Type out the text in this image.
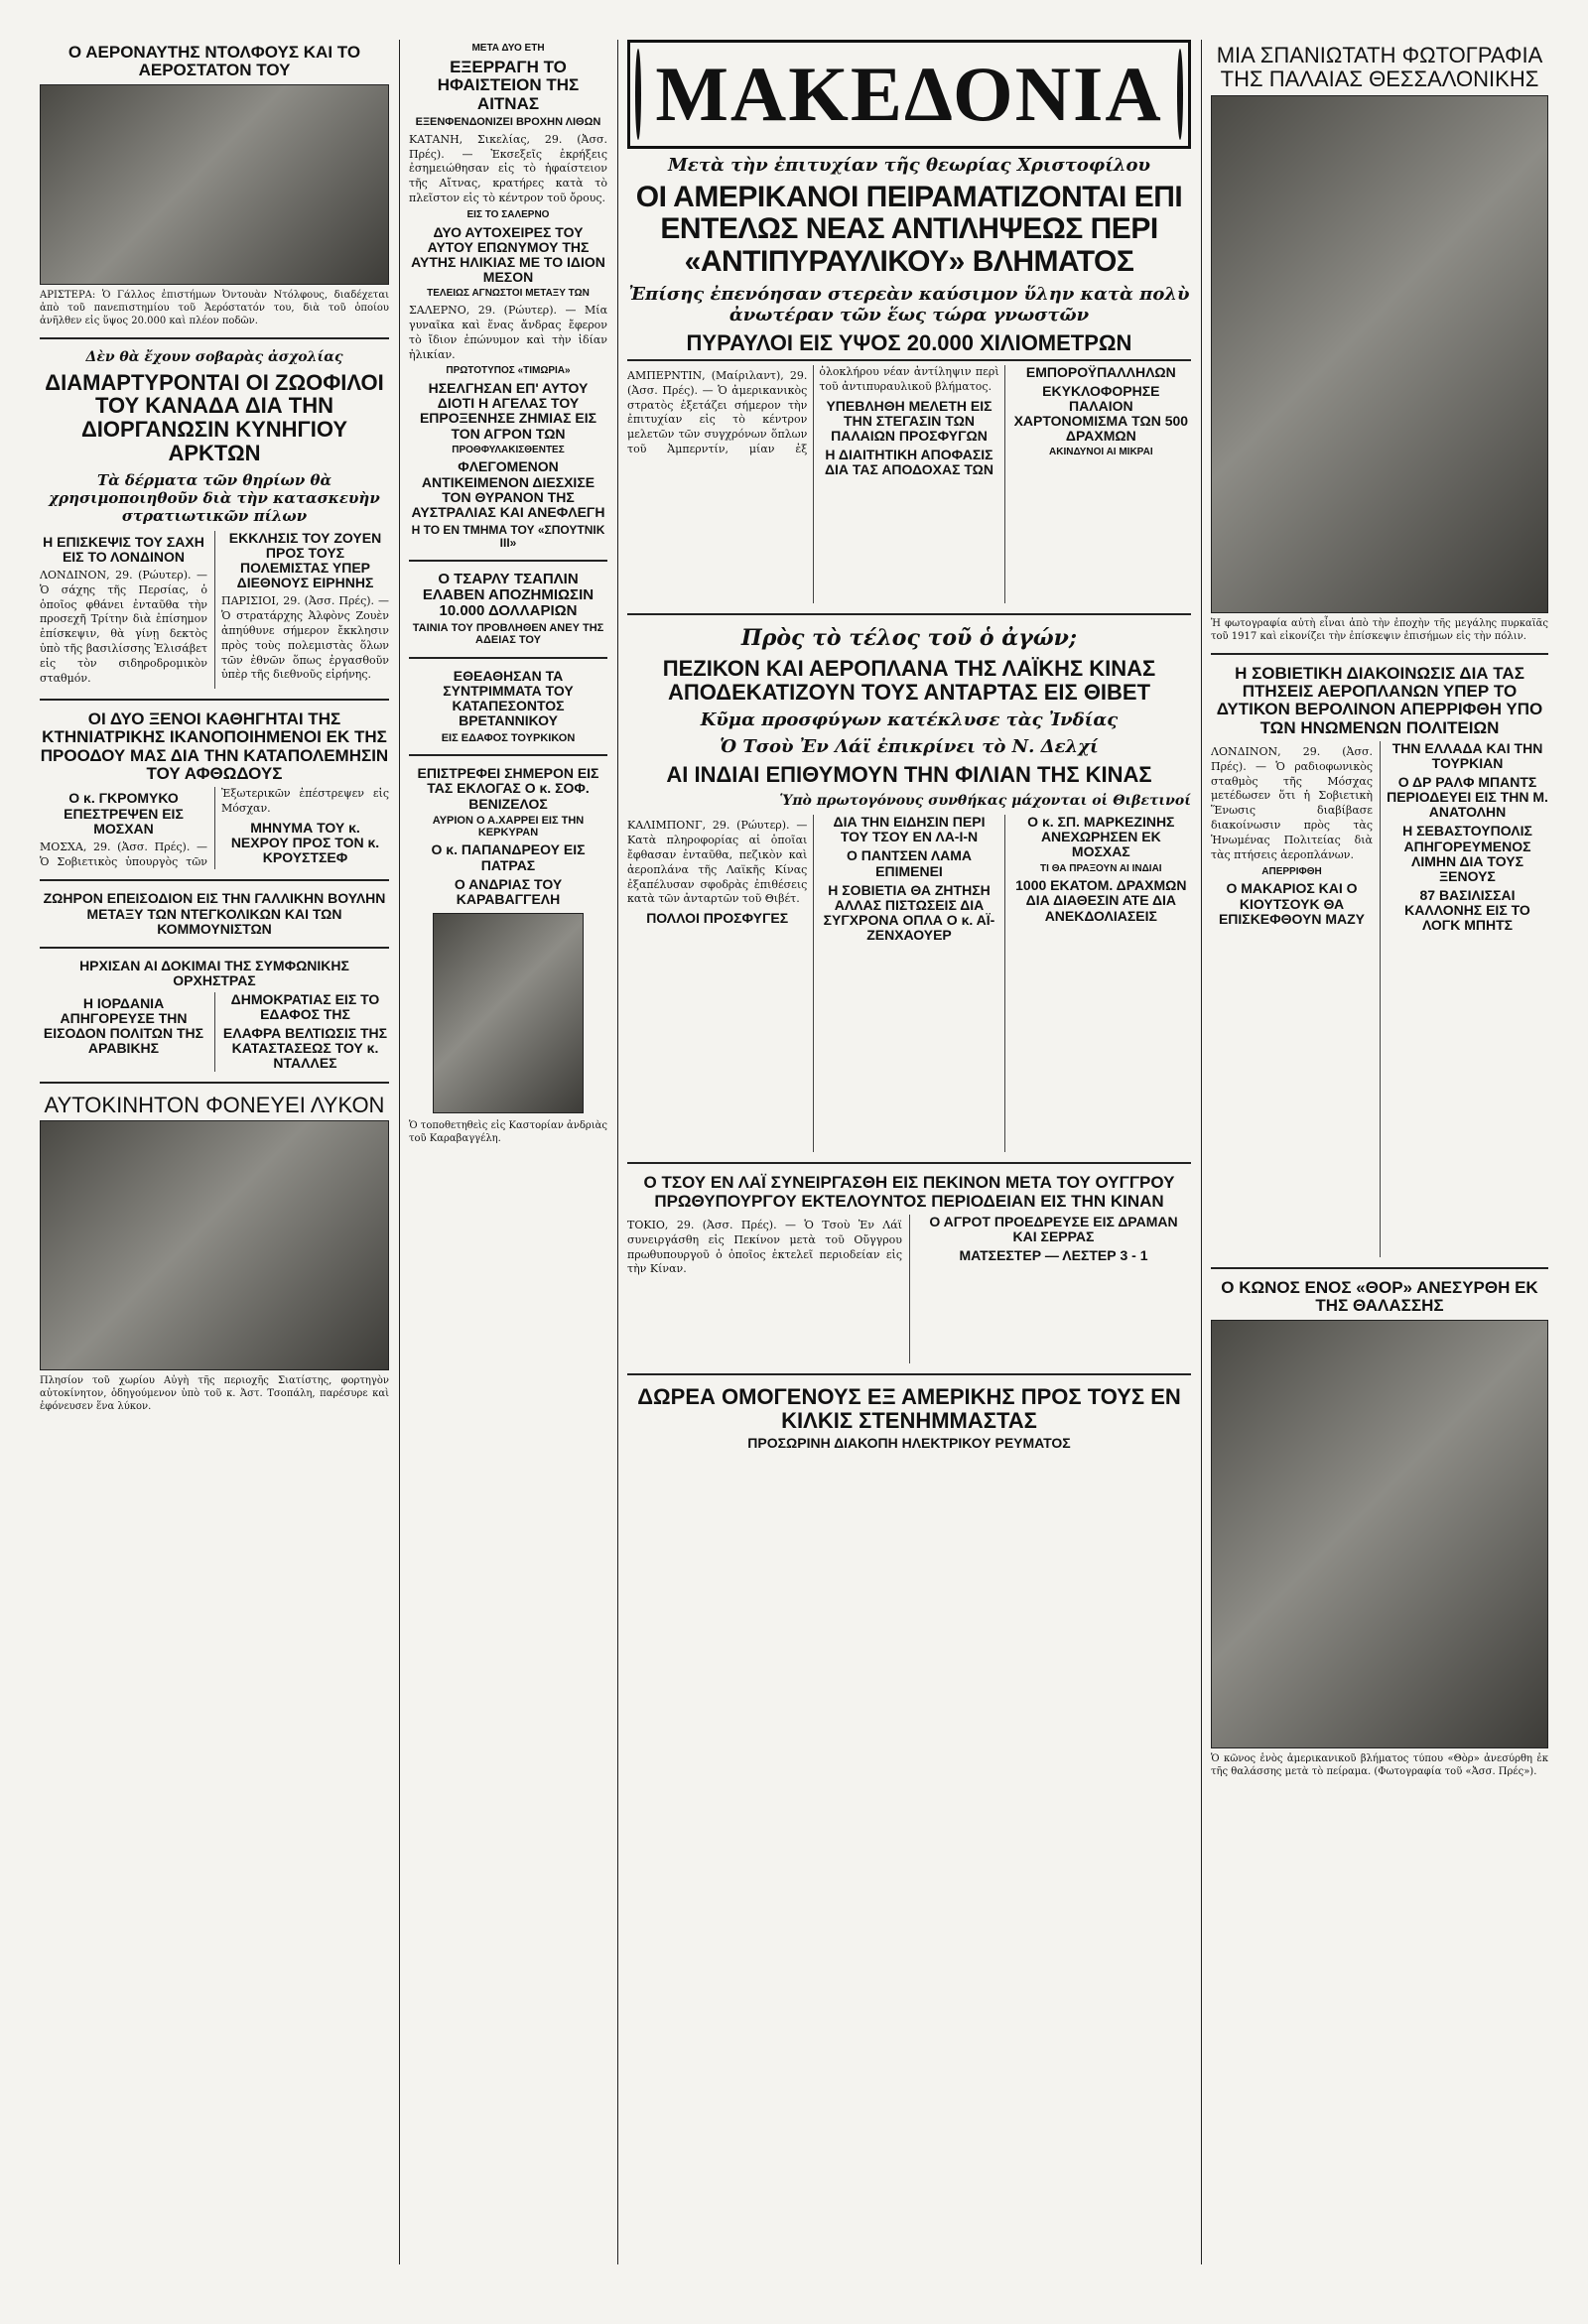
Ο ΑΕΡΟΝΑΥΤΗΣ ΝΤΟΛΦΟΥΣ ΚΑΙ ΤΟ ΑΕΡΟΣΤΑΤΟΝ ΤΟΥ
ΑΡΙΣΤΕΡΑ: Ὁ Γάλλος ἐπιστήμων Ὀντουὰν Ντόλφους, διαδέχεται ἀπὸ τοῦ πανεπιστημίου τοῦ Ἀερόστατόν του, διὰ τοῦ ὁποίου ἀνῆλθεν εἰς ὕψος 20.000 καὶ πλέον ποδῶν.
Δὲν θὰ ἔχουν σοβαρὰς ἀσχολίας
ΔΙΑΜΑΡΤΥΡΟΝΤΑΙ ΟΙ ΖΩΟΦΙΛΟΙ ΤΟΥ ΚΑΝΑΔΑ ΔΙΑ ΤΗΝ ΔΙΟΡΓΑΝΩΣΙΝ ΚΥΝΗΓΙΟΥ ΑΡΚΤΩΝ
Τὰ δέρματα τῶν θηρίων θὰ χρησιμοποιηθοῦν διὰ τὴν κατασκευὴν στρατιωτικῶν πίλων
Η ΕΠΙΣΚΕΨΙΣ ΤΟΥ ΣΑΧΗ ΕΙΣ ΤΟ ΛΟΝΔΙΝΟΝ
ΛΟΝΔΙΝΟΝ, 29. (Ρώυτερ). — Ὁ σάχης τῆς Περσίας, ὁ ὁποῖος φθάνει ἐνταῦθα τὴν προσεχῆ Τρίτην διὰ ἐπίσημον ἐπίσκεψιν, θὰ γίνῃ δεκτὸς ὑπὸ τῆς βασιλίσσης Ἐλισάβετ εἰς τὸν σιδηροδρομικὸν σταθμόν.
ΕΚΚΛΗΣΙΣ ΤΟΥ ΖΟΥΕΝ ΠΡΟΣ ΤΟΥΣ ΠΟΛΕΜΙΣΤΑΣ ΥΠΕΡ ΔΙΕΘΝΟΥΣ ΕΙΡΗΝΗΣ
ΠΑΡΙΣΙΟΙ, 29. (Ἀσσ. Πρές). — Ὁ στρατάρχης Ἀλφὸνς Ζουὲν ἀπηύθυνε σήμερον ἔκκλησιν πρὸς τοὺς πολεμιστὰς ὅλων τῶν ἐθνῶν ὅπως ἐργασθοῦν ὑπὲρ τῆς διεθνοῦς εἰρήνης.
ΟΙ ΔΥΟ ΞΕΝΟΙ ΚΑΘΗΓΗΤΑΙ ΤΗΣ ΚΤΗΝΙΑΤΡΙΚΗΣ ΙΚΑΝΟΠΟΙΗΜΕΝΟΙ ΕΚ ΤΗΣ ΠΡΟΟΔΟΥ ΜΑΣ ΔΙΑ ΤΗΝ ΚΑΤΑΠΟΛΕΜΗΣΙΝ ΤΟΥ ΑΦΘΩΔΟΥΣ
Ο κ. ΓΚΡΟΜΥΚΟ ΕΠΕΣΤΡΕΨΕΝ ΕΙΣ ΜΟΣΧΑΝ
ΜΟΣΧΑ, 29. (Ἀσσ. Πρές). — Ὁ Σοβιετικὸς ὑπουργὸς τῶν Ἐξωτερικῶν ἐπέστρεψεν εἰς Μόσχαν.
ΜΗΝΥΜΑ ΤΟΥ κ. ΝΕΧΡΟΥ ΠΡΟΣ ΤΟΝ κ. ΚΡΟΥΣΤΣΕΦ
ΖΩΗΡΟΝ ΕΠΕΙΣΟΔΙΟΝ ΕΙΣ ΤΗΝ ΓΑΛΛΙΚΗΝ ΒΟΥΛΗΝ ΜΕΤΑΞΥ ΤΩΝ ΝΤΕΓΚΟΛΙΚΩΝ ΚΑΙ ΤΩΝ ΚΟΜΜΟΥΝΙΣΤΩΝ
ΗΡΧΙΣΑΝ ΑΙ ΔΟΚΙΜΑΙ ΤΗΣ ΣΥΜΦΩΝΙΚΗΣ ΟΡΧΗΣΤΡΑΣ
Η ΙΟΡΔΑΝΙΑ ΑΠΗΓΟΡΕΥΣΕ ΤΗΝ ΕΙΣΟΔΟΝ ΠΟΛΙΤΩΝ ΤΗΣ ΑΡΑΒΙΚΗΣ ΔΗΜΟΚΡΑΤΙΑΣ ΕΙΣ ΤΟ ΕΔΑΦΟΣ ΤΗΣ
ΕΛΑΦΡΑ ΒΕΛΤΙΩΣΙΣ ΤΗΣ ΚΑΤΑΣΤΑΣΕΩΣ ΤΟΥ κ. ΝΤΑΛΛΕΣ
ΑΥΤΟΚΙΝΗΤΟΝ ΦΟΝΕΥΕΙ ΛΥΚΟΝ
Πλησίον τοῦ χωρίου Αὐγὴ τῆς περιοχῆς Σιατίστης, φορτηγὸν αὐτοκίνητον, ὁδηγούμενον ὑπὸ τοῦ κ. Ἀστ. Τσοπάλη, παρέσυρε καὶ ἐφόνευσεν ἕνα λύκον.
ΜΕΤΑ ΔΥΟ ΕΤΗ
ΕΞΕΡΡΑΓΗ ΤΟ ΗΦΑΙΣΤΕΙΟΝ ΤΗΣ ΑΙΤΝΑΣ
ΕΞΕΝΦΕΝΔΟΝΙΖΕΙ ΒΡΟΧΗΝ ΛΙΘΩΝ
ΚΑΤΑΝΗ, Σικελίας, 29. (Ἀσσ. Πρές). — Ἐκσεξεῖς ἐκρήξεις ἐσημειώθησαν εἰς τὸ ἡφαίστειον τῆς Αἴτνας, κρατήρες κατὰ τὸ πλεῖστον εἰς τὸ κέντρον τοῦ ὄρους.
ΕΙΣ ΤΟ ΣΑΛΕΡΝΟ
ΔΥΟ ΑΥΤΟΧΕΙΡΕΣ ΤΟΥ ΑΥΤΟΥ ΕΠΩΝΥΜΟΥ ΤΗΣ ΑΥΤΗΣ ΗΛΙΚΙΑΣ ΜΕ ΤΟ ΙΔΙΟΝ ΜΕΣΟΝ
ΤΕΛΕΙΩΣ ΑΓΝΩΣΤΟΙ ΜΕΤΑΞΥ ΤΩΝ
ΣΑΛΕΡΝΟ, 29. (Ρώυτερ). — Μία γυναῖκα καὶ ἕνας ἄνδρας ἔφερον τὸ ἴδιον ἐπώνυμον καὶ τὴν ἰδίαν ἡλικίαν.
ΠΡΩΤΟΤΥΠΟΣ «ΤΙΜΩΡΙΑ»
ΗΣΕΛΓΗΣΑΝ ΕΠ' ΑΥΤΟΥ ΔΙΟΤΙ Η ΑΓΕΛΑΣ ΤΟΥ ΕΠΡΟΞΕΝΗΣΕ ΖΗΜΙΑΣ ΕΙΣ ΤΟΝ ΑΓΡΟΝ ΤΩΝ
ΠΡΟΘΦΥΛΑΚΙΣΘΕΝΤΕΣ
ΦΛΕΓΟΜΕΝΟΝ ΑΝΤΙΚΕΙΜΕΝΟΝ ΔΙΕΣΧΙΣΕ ΤΟΝ ΘΥΡΑΝΟΝ ΤΗΣ ΑΥΣΤΡΑΛΙΑΣ ΚΑΙ ΑΝΕΦΛΕΓΗ
Η ΤΟ ΕΝ ΤΜΗΜΑ ΤΟΥ «ΣΠΟΥΤΝΙΚ ΙΙΙ»
Ο ΤΣΑΡΛΥ ΤΣΑΠΛΙΝ ΕΛΑΒΕΝ ΑΠΟΖΗΜΙΩΣΙΝ 10.000 ΔΟΛΛΑΡΙΩΝ
ΤΑΙΝΙΑ ΤΟΥ ΠΡΟΒΛΗΘΕΝ ΑΝΕΥ ΤΗΣ ΑΔΕΙΑΣ ΤΟΥ
ΕΘΕΑΘΗΣΑΝ ΤΑ ΣΥΝΤΡΙΜΜΑΤΑ ΤΟΥ ΚΑΤΑΠΕΣΟΝΤΟΣ ΒΡΕΤΑΝΝΙΚΟΥ
ΕΙΣ ΕΔΑΦΟΣ ΤΟΥΡΚΙΚΟΝ
ΕΠΙΣΤΡΕΦΕΙ ΣΗΜΕΡΟΝ ΕΙΣ ΤΑΣ ΕΚΛΟΓΑΣ Ο κ. ΣΟΦ. ΒΕΝΙΖΕΛΟΣ
ΑΥΡΙΟΝ Ο Α.ΧΑΡΡΕΙ ΕΙΣ ΤΗΝ ΚΕΡΚΥΡΑΝ
Ο κ. ΠΑΠΑΝΔΡΕΟΥ ΕΙΣ ΠΑΤΡΑΣ
Ο ΑΝΔΡΙΑΣ ΤΟΥ ΚΑΡΑΒΑΓΓΕΛΗ
Ὁ τοποθετηθεὶς εἰς Καστορίαν ἀνδριὰς τοῦ Καραβαγγέλη.
ΜΑΚΕΔΟΝΙΑ
Μετὰ τὴν ἐπιτυχίαν τῆς θεωρίας Χριστοφίλου
ΟΙ ΑΜΕΡΙΚΑΝΟΙ ΠΕΙΡΑΜΑΤΙΖΟΝΤΑΙ ΕΠΙ ΕΝΤΕΛΩΣ ΝΕΑΣ ΑΝΤΙΛΗΨΕΩΣ ΠΕΡΙ «ΑΝΤΙΠΥΡΑΥΛΙΚΟΥ» ΒΛΗΜΑΤΟΣ
Ἐπίσης ἐπενόησαν στερεὰν καύσιμον ὕλην κατὰ πολὺ ἀνωτέραν τῶν ἕως τώρα γνωστῶν
ΠΥΡΑΥΛΟΙ ΕΙΣ ΥΨΟΣ 20.000 ΧΙΛΙΟΜΕΤΡΩΝ
ΑΜΠΕΡΝΤΙΝ, (Μαίριλαντ), 29. (Ἀσσ. Πρές). — Ὁ ἀμερικανικὸς στρατὸς ἐξετάζει σήμερον τὴν ἐπιτυχίαν εἰς τὸ κέντρον μελετῶν τῶν συγχρόνων ὅπλων τοῦ Ἀμπερντίν, μίαν ἐξ ὁλοκλήρου νέαν ἀντίληψιν περὶ τοῦ ἀντιπυραυλικοῦ βλήματος.
ΥΠΕΒΛΗΘΗ ΜΕΛΕΤΗ ΕΙΣ ΤΗΝ ΣΤΕΓΑΣΙΝ ΤΩΝ ΠΑΛΑΙΩΝ ΠΡΟΣΦΥΓΩΝ
Η ΔΙΑΙΤΗΤΙΚΗ ΑΠΟΦΑΣΙΣ ΔΙΑ ΤΑΣ ΑΠΟΔΟΧΑΣ ΤΩΝ ΕΜΠΟΡΟΫΠΑΛΛΗΛΩΝ
ΕΚΥΚΛΟΦΟΡΗΣΕ ΠΑΛΑΙΟΝ ΧΑΡΤΟΝΟΜΙΣΜΑ ΤΩΝ 500 ΔΡΑΧΜΩΝ
ΑΚΙΝΔΥΝΟΙ ΑΙ ΜΙΚΡΑΙ
Πρὸς τὸ τέλος τοῦ ὁ ἀγών;
ΠΕΖΙΚΟΝ ΚΑΙ ΑΕΡΟΠΛΑΝΑ ΤΗΣ ΛΑΪΚΗΣ ΚΙΝΑΣ ΑΠΟΔΕΚΑΤΙΖΟΥΝ ΤΟΥΣ ΑΝΤΑΡΤΑΣ ΕΙΣ ΘΙΒΕΤ
Κῦμα προσφύγων κατέκλυσε τὰς Ἰνδίας
Ὁ Τσοὺ Ἐν Λάϊ ἐπικρίνει τὸ Ν. Δελχί
ΑΙ ΙΝΔΙΑΙ ΕΠΙΘΥΜΟΥΝ ΤΗΝ ΦΙΛΙΑΝ ΤΗΣ ΚΙΝΑΣ
Ὑπὸ πρωτογόνους συνθήκας μάχονται οἱ Θιβετινοί
ΚΑΛΙΜΠΟΝΓ, 29. (Ρώυτερ). — Κατὰ πληροφορίας αἱ ὁποῖαι ἔφθασαν ἐνταῦθα, πεζικὸν καὶ ἀεροπλάνα τῆς Λαϊκῆς Κίνας ἐξαπέλυσαν σφοδρὰς ἐπιθέσεις κατὰ τῶν ἀνταρτῶν τοῦ Θιβέτ.
ΠΟΛΛΟΙ ΠΡΟΣΦΥΓΕΣ
ΔΙΑ ΤΗΝ ΕΙΔΗΣΙΝ ΠΕΡΙ ΤΟΥ ΤΣΟΥ ΕΝ ΛΑ-Ι-Ν
Ο ΠΑΝΤΣΕΝ ΛΑΜΑ ΕΠΙΜΕΝΕΙ
Η ΣΟΒΙΕΤΙΑ ΘΑ ΖΗΤΗΣΗ ΑΛΛΑΣ ΠΙΣΤΩΣΕΙΣ ΔΙΑ ΣΥΓΧΡΟΝΑ ΟΠΛΑ Ο κ. ΑΪ-ΖΕΝΧΑΟΥΕΡ
Ο κ. ΣΠ. ΜΑΡΚΕΖΙΝΗΣ ΑΝΕΧΩΡΗΣΕΝ ΕΚ ΜΟΣΧΑΣ
ΤΙ ΘΑ ΠΡΑΞΟΥΝ ΑΙ ΙΝΔΙΑΙ
1000 ΕΚΑΤΟΜ. ΔΡΑΧΜΩΝ ΔΙΑ ΔΙΑΘΕΣΙΝ ΑΤΕ ΔΙΑ ΑΝΕΚΔΟΛΙΑΣΕΙΣ
Ο ΤΣΟΥ ΕΝ ΛΑΪ ΣΥΝΕΙΡΓΑΣΘΗ ΕΙΣ ΠΕΚΙΝΟΝ ΜΕΤΑ ΤΟΥ ΟΥΓΓΡΟΥ ΠΡΩΘΥΠΟΥΡΓΟΥ ΕΚΤΕΛΟΥΝΤΟΣ ΠΕΡΙΟΔΕΙΑΝ ΕΙΣ ΤΗΝ ΚΙΝΑΝ
ΤΟΚΙΟ, 29. (Ἀσσ. Πρές). — Ὁ Τσοὺ Ἐν Λάϊ συνειργάσθη εἰς Πεκίνον μετὰ τοῦ Οὔγγρου πρωθυπουργοῦ ὁ ὁποῖος ἐκτελεῖ περιοδείαν εἰς τὴν Κίναν.
Ο ΑΓΡΟΤ ΠΡΟΕΔΡΕΥΣΕ ΕΙΣ ΔΡΑΜΑΝ ΚΑΙ ΣΕΡΡΑΣ
ΜΑΤΣΕΣΤΕΡ — ΛΕΣΤΕΡ 3 - 1
ΔΩΡΕΑ ΟΜΟΓΕΝΟΥΣ ΕΞ ΑΜΕΡΙΚΗΣ ΠΡΟΣ ΤΟΥΣ ΕΝ ΚΙΛΚΙΣ ΣΤΕΝΗΜΜΑΣΤΑΣ
ΠΡΟΣΩΡΙΝΗ ΔΙΑΚΟΠΗ ΗΛΕΚΤΡΙΚΟΥ ΡΕΥΜΑΤΟΣ
ΜΙΑ ΣΠΑΝΙΩΤΑΤΗ ΦΩΤΟΓΡΑΦΙΑ ΤΗΣ ΠΑΛΑΙΑΣ ΘΕΣΣΑΛΟΝΙΚΗΣ
Ἡ φωτογραφία αὐτὴ εἶναι ἀπὸ τὴν ἐποχὴν τῆς μεγάλης πυρκαϊᾶς τοῦ 1917 καὶ εἰκονίζει τὴν ἐπίσκεψιν ἐπισήμων εἰς τὴν πόλιν.
Η ΣΟΒΙΕΤΙΚΗ ΔΙΑΚΟΙΝΩΣΙΣ ΔΙΑ ΤΑΣ ΠΤΗΣΕΙΣ ΑΕΡΟΠΛΑΝΩΝ ΥΠΕΡ ΤΟ ΔΥΤΙΚΟΝ ΒΕΡΟΛΙΝΟΝ ΑΠΕΡΡΙΦΘΗ ΥΠΟ ΤΩΝ ΗΝΩΜΕΝΩΝ ΠΟΛΙΤΕΙΩΝ
ΛΟΝΔΙΝΟΝ, 29. (Ἀσσ. Πρές). — Ὁ ραδιοφωνικὸς σταθμὸς τῆς Μόσχας μετέδωσεν ὅτι ἡ Σοβιετικὴ Ἕνωσις διαβίβασε διακοίνωσιν πρὸς τὰς Ἡνωμένας Πολιτείας διὰ τὰς πτήσεις ἀεροπλάνων.
ΑΠΕΡΡΙΦΘΗ
Ο ΜΑΚΑΡΙΟΣ ΚΑΙ Ο ΚΙΟΥΤΣΟΥΚ ΘΑ ΕΠΙΣΚΕΦΘΟΥΝ ΜΑΖΥ ΤΗΝ ΕΛΛΑΔΑ ΚΑΙ ΤΗΝ ΤΟΥΡΚΙΑΝ
Ο ΔΡ ΡΑΛΦ ΜΠΑΝΤΣ ΠΕΡΙΟΔΕΥΕΙ ΕΙΣ ΤΗΝ Μ. ΑΝΑΤΟΛΗΝ
Η ΣΕΒΑΣΤΟΥΠΟΛΙΣ ΑΠΗΓΟΡΕΥΜΕΝΟΣ ΛΙΜΗΝ ΔΙΑ ΤΟΥΣ ΞΕΝΟΥΣ
87 ΒΑΣΙΛΙΣΣΑΙ ΚΑΛΛΟΝΗΣ ΕΙΣ ΤΟ ΛΟΓΚ ΜΠΗΤΣ
Ο ΚΩΝΟΣ ΕΝΟΣ «ΘΟΡ» ΑΝΕΣΥΡΘΗ ΕΚ ΤΗΣ ΘΑΛΑΣΣΗΣ
Ὁ κῶνος ἑνὸς ἀμερικανικοῦ βλήματος τύπου «Θὸρ» ἀνεσύρθη ἐκ τῆς θαλάσσης μετὰ τὸ πείραμα. (Φωτογραφία τοῦ «Ἀσσ. Πρές»).
